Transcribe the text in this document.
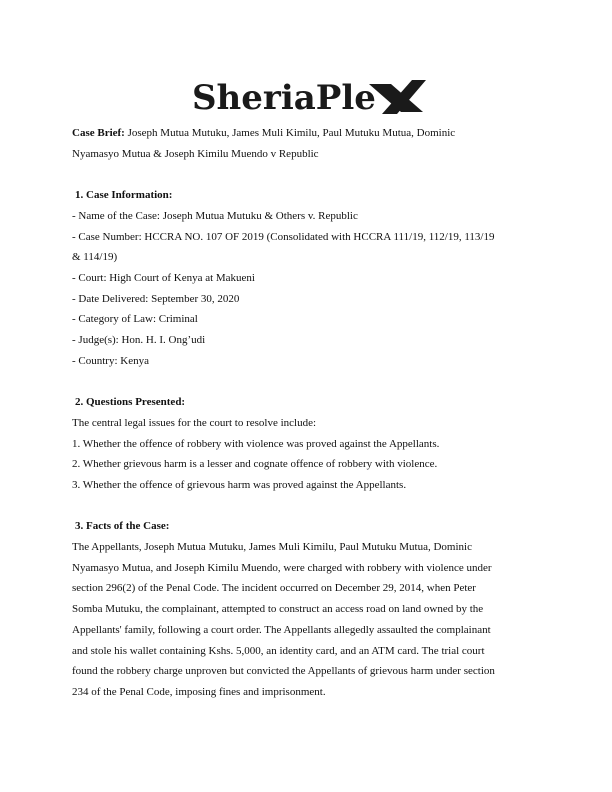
SheriaPle

Case Brief: Joseph Mutua Mutuku, James Muli Kimilu, Paul Mutuku Mutua, Dominic

Nyamasyo Mutua & Joseph Kimilu Muendo v Republic

1. Case Information:

- Name of the Case: Joseph Mutua Mutuku & Others v. Republic

- Case Number: HCCRA NO. 107 OF 2019 (Consolidated with HCCRA 111/19, 112/19, 113/19

& 114/19)

- Court: High Court of Kenya at Makueni

- Date Delivered: September 30, 2020

- Category of Law: Criminal

- Judge(s): Hon. H. I. Ong’udi

- Country: Kenya

2. Questions Presented:

The central legal issues for the court to resolve include:

1. Whether the offence of robbery with violence was proved against the Appellants.

2. Whether grievous harm is a lesser and cognate offence of robbery with violence.

3. Whether the offence of grievous harm was proved against the Appellants.

3. Facts of the Case:

The Appellants, Joseph Mutua Mutuku, James Muli Kimilu, Paul Mutuku Mutua, Dominic

Nyamasyo Mutua, and Joseph Kimilu Muendo, were charged with robbery with violence under

section 296(2) of the Penal Code. The incident occurred on December 29, 2014, when Peter

Somba Mutuku, the complainant, attempted to construct an access road on land owned by the

Appellants' family, following a court order. The Appellants allegedly assaulted the complainant

and stole his wallet containing Kshs. 5,000, an identity card, and an ATM card. The trial court

found the robbery charge unproven but convicted the Appellants of grievous harm under section

234 of the Penal Code, imposing fines and imprisonment.
